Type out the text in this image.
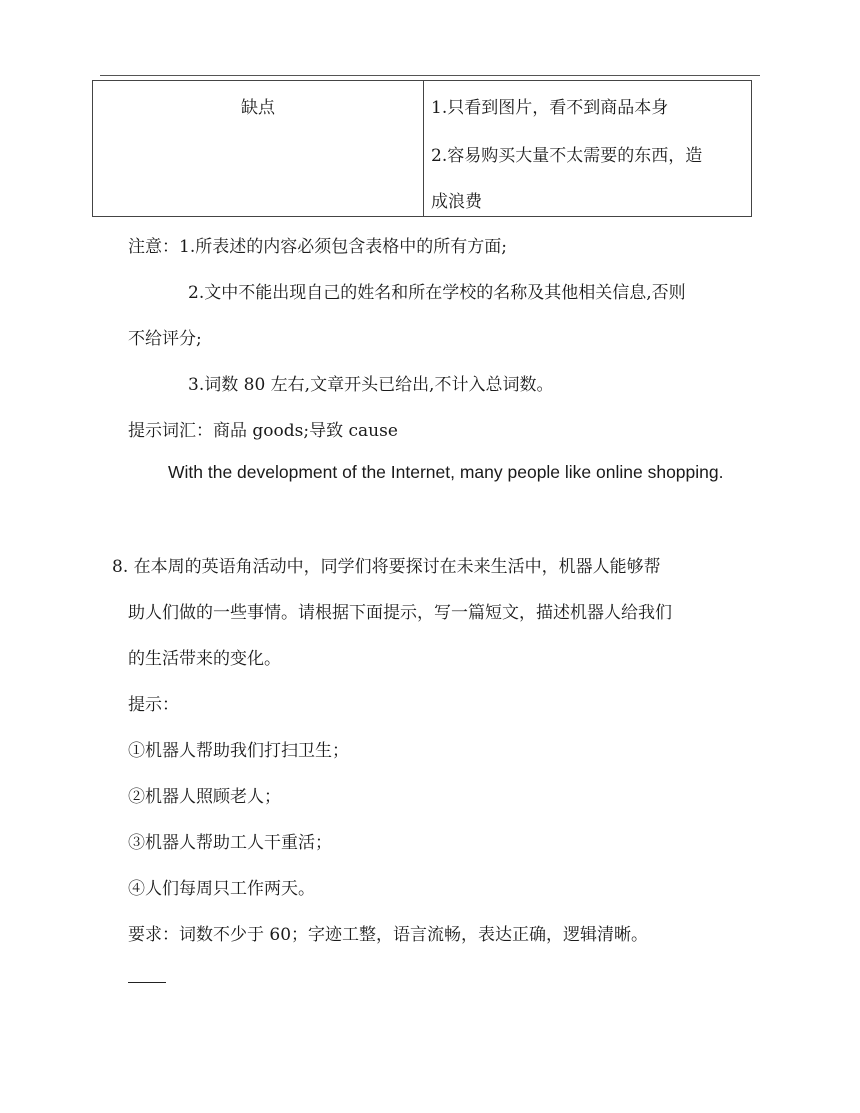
缺点	1.只看到图片，看不到商品本身
2.容易购买大量不太需要的东西，造
成浪费
注意：1.所表述的内容必须包含表格中的所有方面;
2.文中不能出现自己的姓名和所在学校的名称及其他相关信息,否则
不给评分;
3.词数 80 左右,文章开头已给出,不计入总词数。
提示词汇：商品 goods;导致 cause
With the development of the Internet, many people like online shopping.
8. 在本周的英语角活动中，同学们将要探讨在未来生活中，机器人能够帮
助人们做的一些事情。请根据下面提示，写一篇短文，描述机器人给我们
的生活带来的变化。
提示：
①机器人帮助我们打扫卫生；
②机器人照顾老人；
③机器人帮助工人干重活；
④人们每周只工作两天。
要求：词数不少于 60；字迹工整，语言流畅，表达正确，逻辑清晰。
